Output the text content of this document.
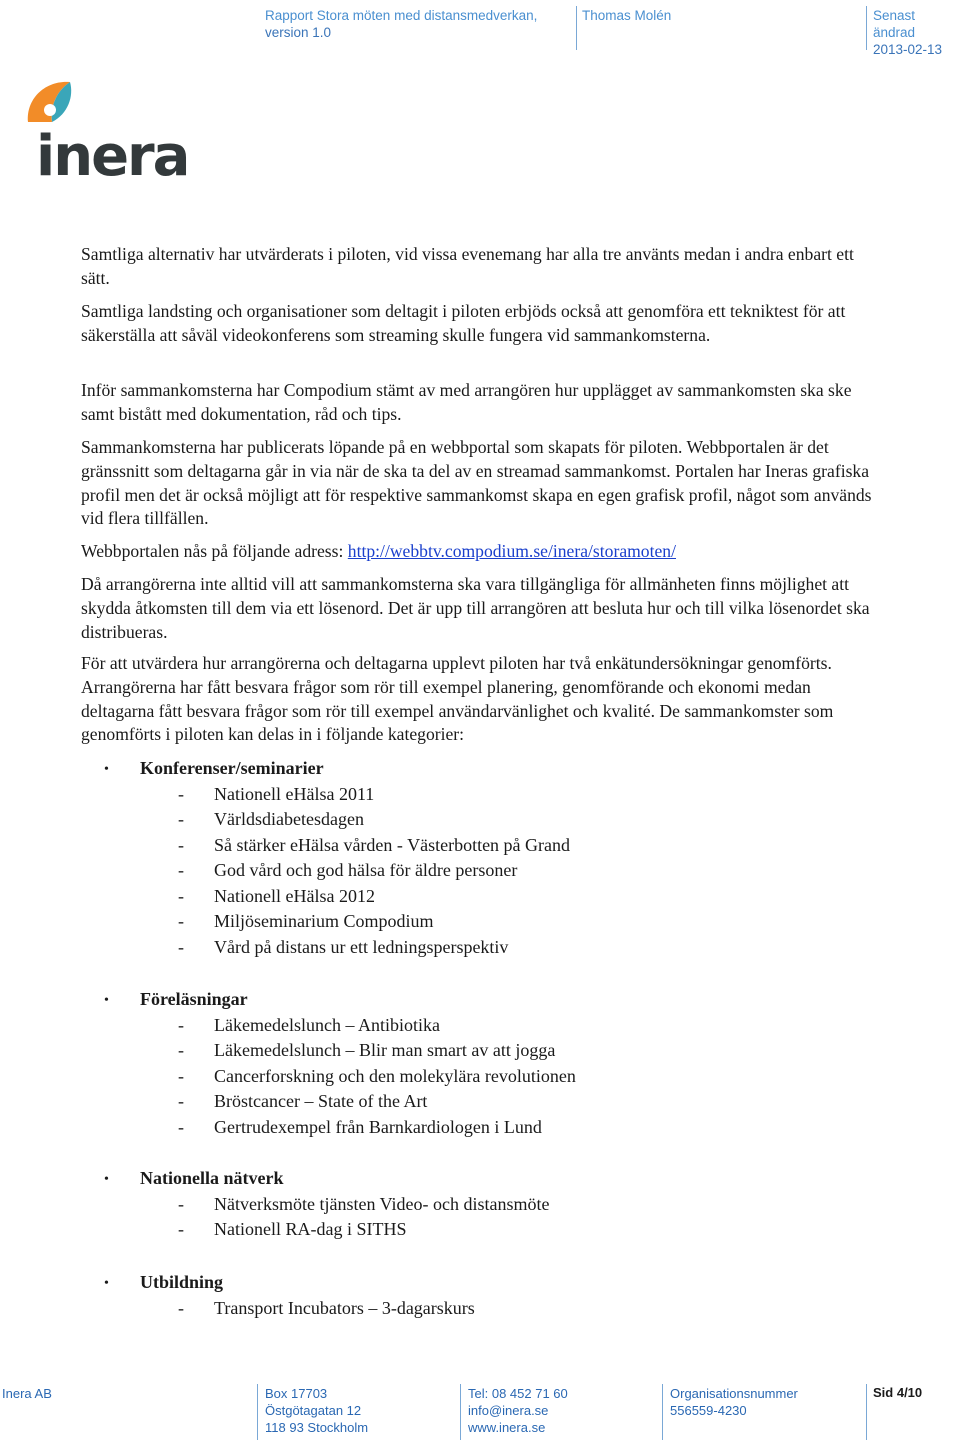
Rapport Stora möten med distansmedverkan,
version 1.0
Thomas Molén	Senast ändrad
2013-02-13
inera

Samtliga alternativ har utvärderats i piloten, vid vissa evenemang har alla tre använts medan i andra enbart ett sätt.

Samtliga landsting och organisationer som deltagit i piloten erbjöds också att genomföra ett tekniktest för att säkerställa att såväl videokonferens som streaming skulle fungera vid sammankomsterna.

Inför sammankomsterna har Compodium stämt av med arrangören hur upplägget av sammankomsten ska ske samt bistått med dokumentation, råd och tips.

Sammankomsterna har publicerats löpande på en webbportal som skapats för piloten. Webbportalen är det gränssnitt som deltagarna går in via när de ska ta del av en streamad sammankomst. Portalen har Ineras grafiska profil men det är också möjligt att för respektive sammankomst skapa en egen grafisk profil, något som används vid flera tillfällen.

Webbportalen nås på följande adress: http://webbtv.compodium.se/inera/storamoten/

Då arrangörerna inte alltid vill att sammankomsterna ska vara tillgängliga för allmänheten finns möjlighet att skydda åtkomsten till dem via ett lösenord. Det är upp till arrangören att besluta hur och till vilka lösenordet ska distribueras.

För att utvärdera hur arrangörerna och deltagarna upplevt piloten har två enkätundersökningar genomförts. Arrangörerna har fått besvara frågor som rör till exempel planering, genomförande och ekonomi medan deltagarna fått besvara frågor som rör till exempel användarvänlighet och kvalité. De sammankomster som genomförts i piloten kan delas in i följande kategorier:

• Konferenser/seminarier
- Nationell eHälsa 2011
- Världsdiabetesdagen
- Så stärker eHälsa vården - Västerbotten på Grand
- God vård och god hälsa för äldre personer
- Nationell eHälsa 2012
- Miljöseminarium Compodium
- Vård på distans ur ett ledningsperspektiv
• Föreläsningar
- Läkemedelslunch – Antibiotika
- Läkemedelslunch – Blir man smart av att jogga
- Cancerforskning och den molekylära revolutionen
- Bröstcancer – State of the Art
- Gertrudexempel från Barnkardiologen i Lund
• Nationella nätverk
- Nätverksmöte tjänsten Video- och distansmöte
- Nationell RA-dag i SITHS
• Utbildning
- Transport Incubators – 3-dagarskurs
Inera AB	Box 17703
Östgötagatan 12
118 93 Stockholm
Tel: 08 452 71 60
info@inera.se
www.inera.se
Organisationsnummer
556559-4230
Sid 4/10
